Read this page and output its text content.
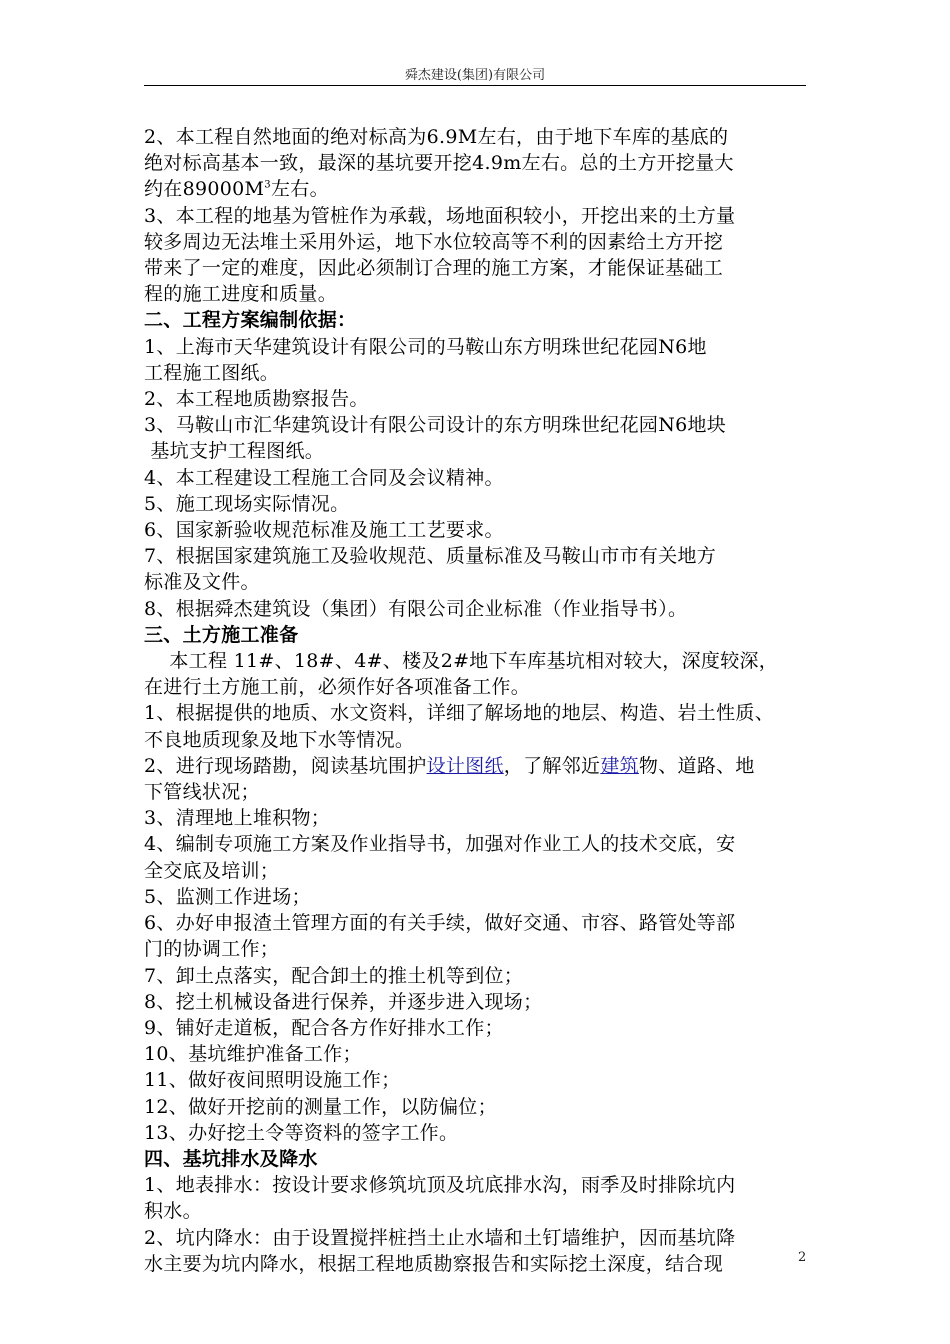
舜杰建设(集团)有限公司

2、本工程自然地面的绝对标高为6.9M左右，由于地下车库的基底的

绝对标高基本一致，最深的基坑要开挖4.9m左右。总的土方开挖量大

约在$89000M^3$左右。

3、本工程的地基为管桩作为承载，场地面积较小，开挖出来的土方量

较多周边无法堆土采用外运，地下水位较高等不利的因素给土方开挖

带来了一定的难度，因此必须制订合理的施工方案，才能保证基础工

程的施工进度和质量。

二、工程方案编制依据：

1、上海市天华建筑设计有限公司的马鞍山东方明珠世纪花园N6地

工程施工图纸。

2、本工程地质勘察报告。

3、马鞍山市汇华建筑设计有限公司设计的东方明珠世纪花园N6地块

基坑支护工程图纸。

4、本工程建设工程施工合同及会议精神。

5、施工现场实际情况。

6、国家新验收规范标准及施工工艺要求。

7、根据国家建筑施工及验收规范、质量标准及马鞍山市市有关地方

标准及文件。

8、根据舜杰建筑设（集团）有限公司企业标准（作业指导书）。

三、土方施工准备

本工程 11#、18#、4#、楼及2#地下车库基坑相对较大，深度较深，

在进行土方施工前，必须作好各项准备工作。

1、根据提供的地质、水文资料，详细了解场地的地层、构造、岩土性质、

不良地质现象及地下水等情况。

2、进行现场踏勘，阅读基坑围护设计图纸，了解邻近建筑物、道路、地

下管线状况；

3、清理地上堆积物；

4、编制专项施工方案及作业指导书，加强对作业工人的技术交底，安

全交底及培训；

5、监测工作进场；

6、办好申报渣土管理方面的有关手续，做好交通、市容、路管处等部

门的协调工作；

7、卸土点落实，配合卸土的推土机等到位；

8、挖土机械设备进行保养，并逐步进入现场；

9、铺好走道板，配合各方作好排水工作；

10、基坑维护准备工作；

11、做好夜间照明设施工作；

12、做好开挖前的测量工作，以防偏位；

13、办好挖土令等资料的签字工作。

四、基坑排水及降水

1、地表排水：按设计要求修筑坑顶及坑底排水沟，雨季及时排除坑内

积水。

2、坑内降水：由于设置搅拌桩挡土止水墙和土钉墙维护，因而基坑降

水主要为坑内降水，根据工程地质勘察报告和实际挖土深度，结合现	2
